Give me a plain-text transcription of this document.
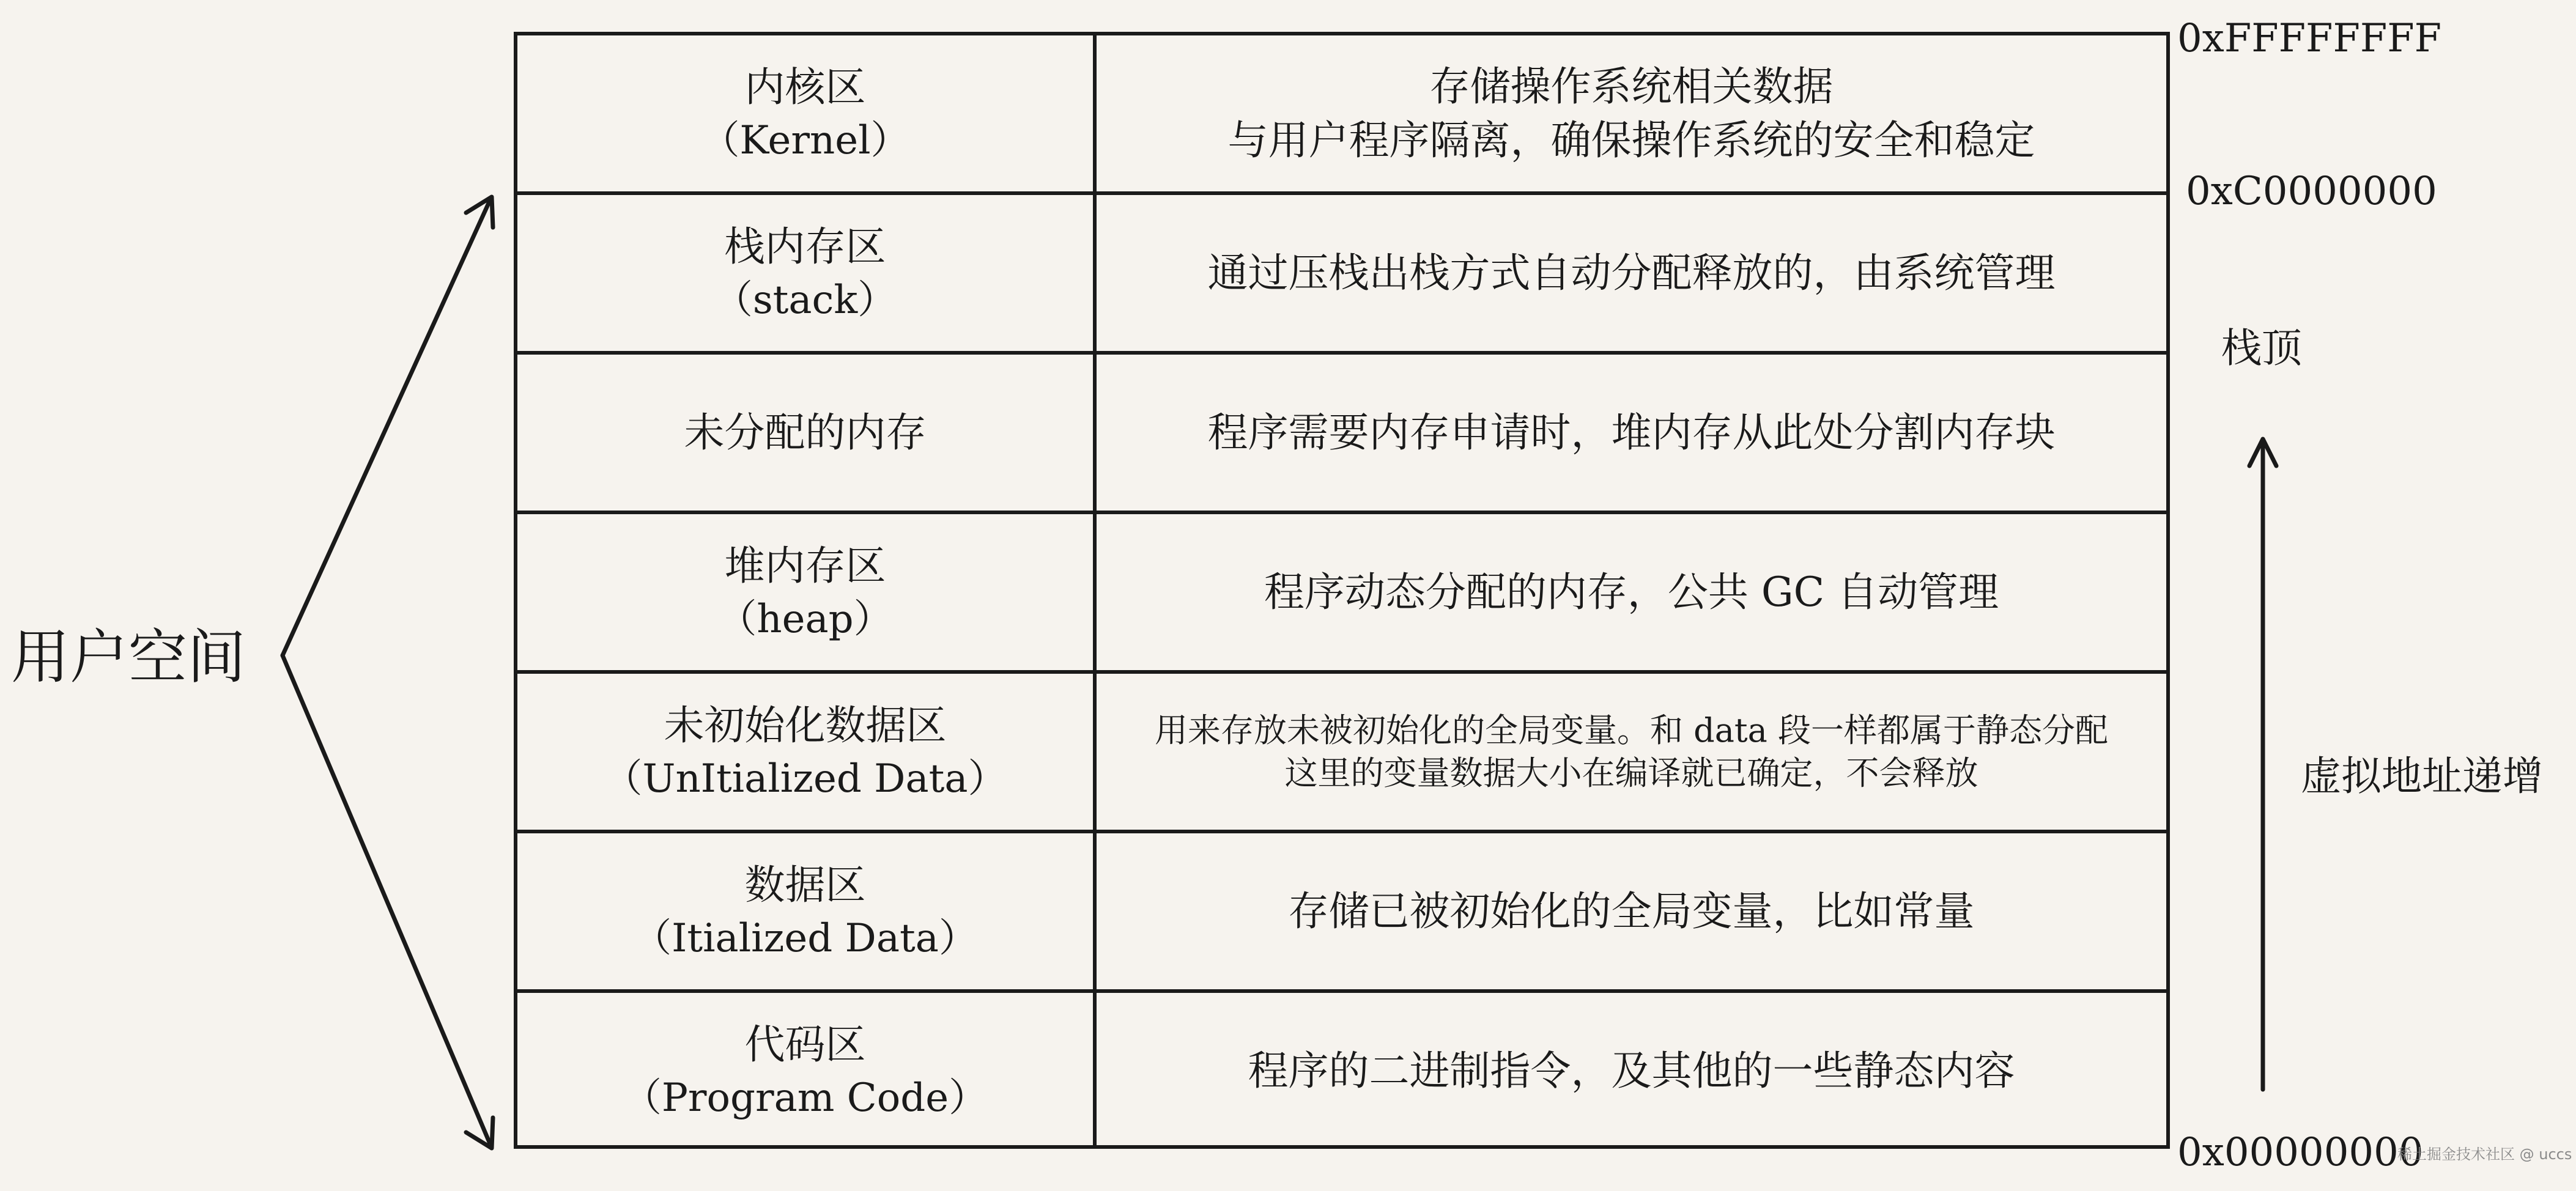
用户空间
内核区
（Kernel）
存储操作系统相关数据
与用户程序隔离，确保操作系统的安全和稳定
栈内存区
（stack）
通过压栈出栈方式自动分配释放的，由系统管理
未分配的内存	程序需要内存申请时，堆内存从此处分割内存块
堆内存区
（heap）
程序动态分配的内存，公共 GC 自动管理
未初始化数据区
（UnItialized Data）
用来存放未被初始化的全局变量。和 data 段一样都属于静态分配
这里的变量数据大小在编译就已确定，不会释放
数据区
（Itialized Data）
存储已被初始化的全局变量，比如常量
代码区
（Program Code）
程序的二进制指令，及其他的一些静态内容
0xFFFFFFFF
0xC0000000
0x00000000
栈顶
虚拟地址递增
稀土掘金技术社区 @ uccs
